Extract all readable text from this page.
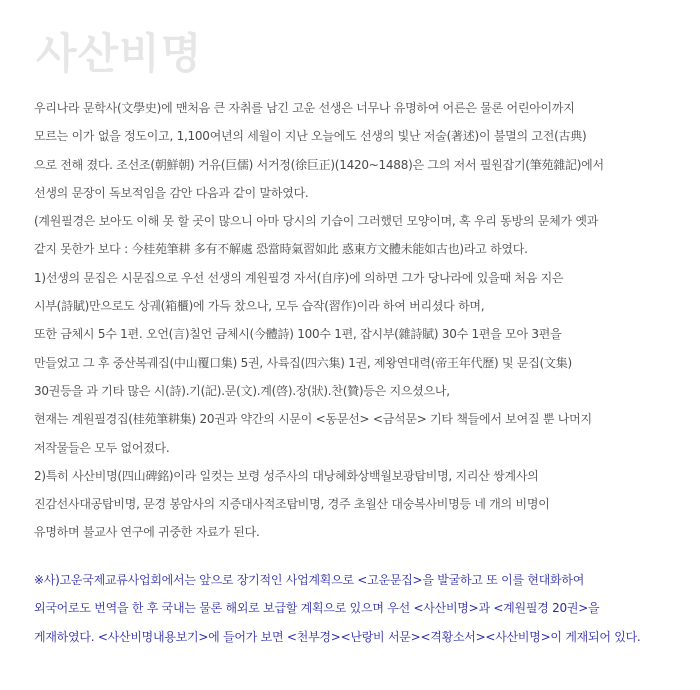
사산비명
우리나라 문학사(文學史)에 맨처음 큰 자취를 남긴 고운 선생은 너무나 유명하여 어른은 물론 어린아이까지
모르는 이가 없을 정도이고, 1,100여년의 세월이 지난 오늘에도 선생의 빛난 저술(著述)이 불멸의 고전(古典)
으로 전해 졌다. 조선조(朝鮮朝) 거유(巨儒) 서거정(徐巨正)(1420~1488)은 그의 저서 필원잡기(筆苑雜記)에서
선생의 문장이 독보적임을 감안 다음과 같이 말하였다.
(계원필경은 보아도 이해 못 할 곳이 많으니 아마 당시의 기습이 그러했던 모양이며, 혹 우리 동방의 문체가 옛과
같지 못한가 보다 : 今桂苑筆耕 多有不解處 恐當時氣習如此 惑東方文體未能如古也)라고 하였다.
1)선생의 문집은 시문집으로 우선 선생의 계원필경 자서(自序)에 의하면 그가 당나라에 있을때 처음 지은
시부(詩賦)만으로도 상궤(箱櫃)에 가득 찼으나, 모두 습작(習作)이라 하여 버리셨다 하며,
또한 금체시 5수 1편. 오언(言)칠언 금체시(今體詩) 100수 1편, 잡시부(雜詩賦) 30수 1편을 모아 3편을
만들었고 그 후 중산복궤집(中山覆口集) 5권, 사륙집(四六集) 1권, 제왕연대력(帝王年代歷) 및 문집(文集)
30권등을 과 기타 많은 시(詩).기(記).문(文).계(啓).장(狀).찬(贊)등은 지으셨으나,
현재는 계원필경집(桂苑筆耕集) 20권과 약간의 시문이 <동문선> <금석문> 기타 책들에서 보여질 뿐 나머지
저작물들은 모두 없어졌다.
2)특히 사산비명(四山碑銘)이라 일컷는 보령 성주사의 대낭혜화상백월보광탑비명, 지리산 쌍계사의
진감선사대공탑비명, 문경 봉암사의 지증대사적조탑비명, 경주 초월산 대숭복사비명등 네 개의 비명이
유명하며 불교사 연구에 귀중한 자료가 된다.
※사)고운국제교류사업회에서는 앞으로 장기적인 사업계획으로 <고운문집>을 발굴하고 또 이를 현대화하여
외국어로도 번역을 한 후 국내는 물론 해외로 보급할 계획으로 있으며 우선 <사산비명>과 <계원필경 20권>을
게재하였다. <사산비명내용보기>에 들어가 보면 <천부경><난랑비 서문><격황소서><사산비명>이 게재되어 있다.
